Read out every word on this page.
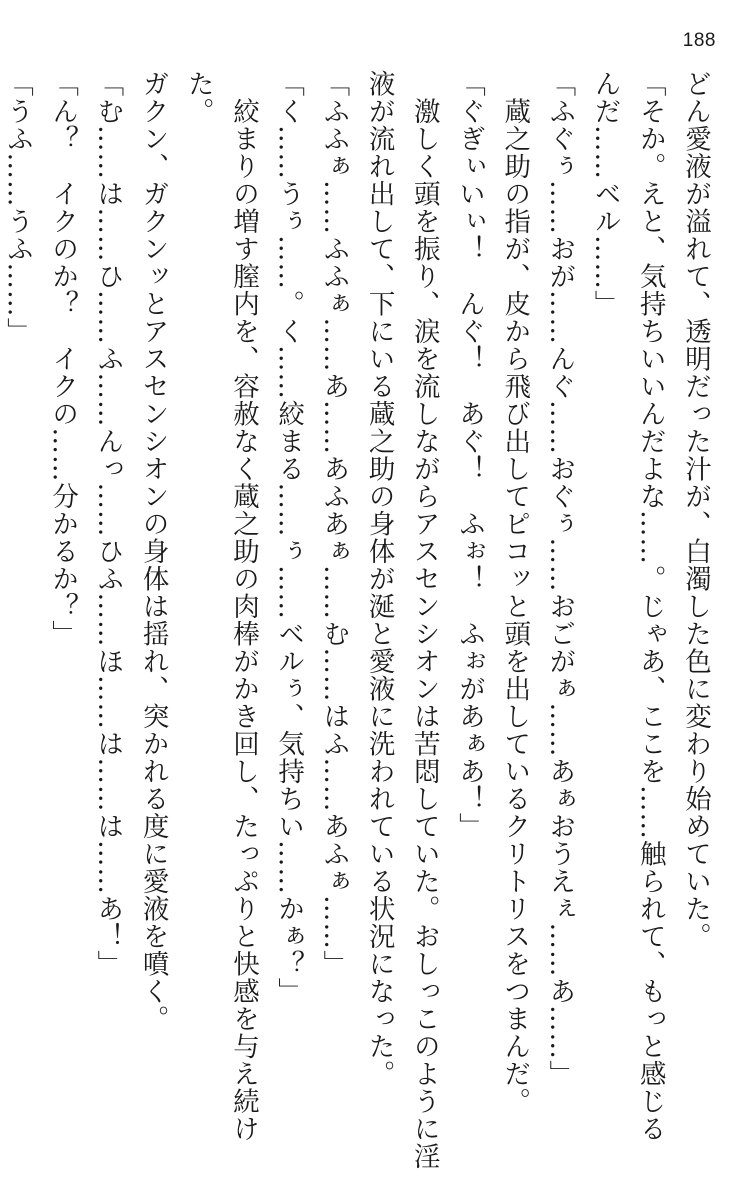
188

どん愛液が溢れて、透明だった汁が、白濁した色に変わり始めていた。

「そか。えと、気持ちいいんだよな……。じゃあ、ここを……触られて、もっと感じる

んだ……ベル……」

「ふぐぅ……おが……んぐ……おぐぅ……おごがぁ……あぁおうえぇ……あ……」

　蔵之助の指が、皮から飛び出してピコッと頭を出しているクリトリスをつまんだ。

「ぐぎぃいぃ！　んぐ！　あぐ！　ふぉ！　ふぉがあぁあ！」

　激しく頭を振り、涙を流しながらアスセンシオンは苦悶していた。おしっこのように淫

液が流れ出して、下にいる蔵之助の身体が涎と愛液に洗われている状況になった。

「ふふぁ……ふふぁ……あ……あふあぁ……む……はふ……あふぁ……」

「く……うぅ……。く……絞まる……ぅ……ベルぅ、気持ちい……かぁ？」

　絞まりの増す膣内を、容赦なく蔵之助の肉棒がかき回し、たっぷりと快感を与え続けた。

ガクン、ガクンッとアスセンシオンの身体は揺れ、突かれる度に愛液を噴く。

「む……は……ひ……ふ……んっ……ひふ……ほ……は……は……あ！」

「ん？　イクのか？　イクの……分かるか？」

「うふ……うふ……」
